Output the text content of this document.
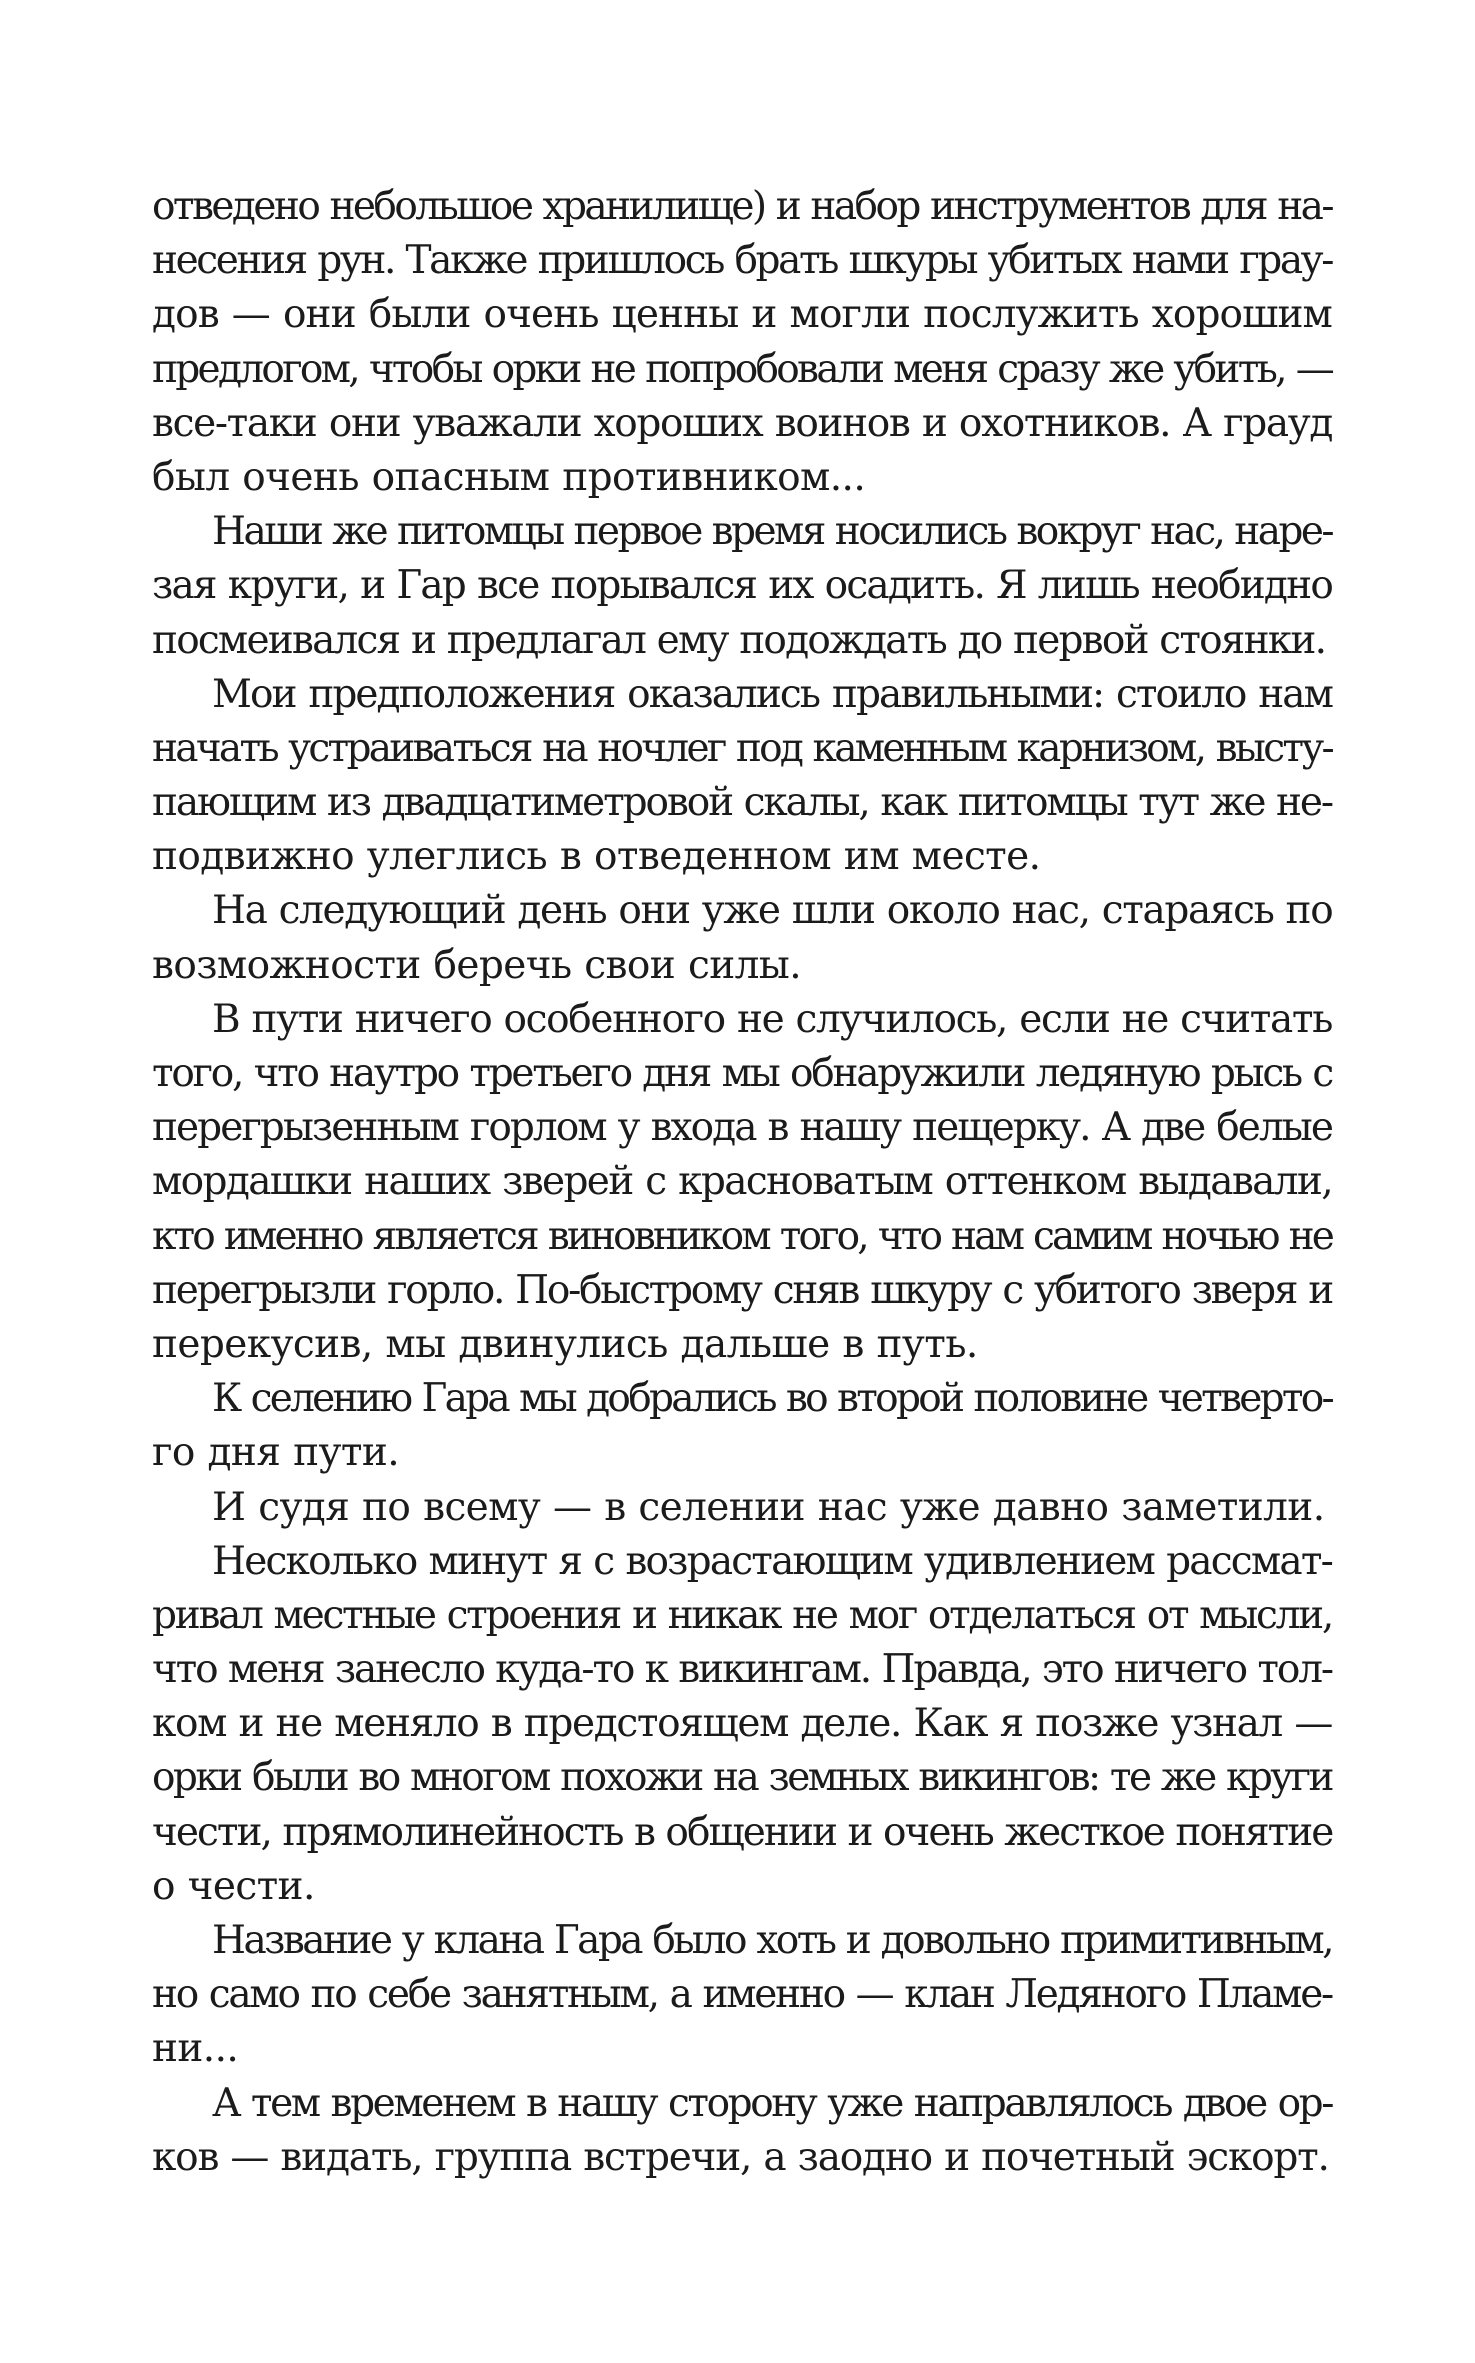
отведено небольшое хранилище) и набор инструментов для на-
несения рун. Также пришлось брать шкуры убитых нами грау-
дов — они были очень ценны и могли послужить хорошим
предлогом, чтобы орки не попробовали меня сразу же убить, —
все-таки они уважали хороших воинов и охотников. А грауд
был очень опасным противником...
Наши же питомцы первое время носились вокруг нас, наре-
зая круги, и Гар все порывался их осадить. Я лишь необидно
посмеивался и предлагал ему подождать до первой стоянки.
Мои предположения оказались правильными: стоило нам
начать устраиваться на ночлег под каменным карнизом, высту-
пающим из двадцатиметровой скалы, как питомцы тут же не-
подвижно улеглись в отведенном им месте.
На следующий день они уже шли около нас, стараясь по
возможности беречь свои силы.
В пути ничего особенного не случилось, если не считать
того, что наутро третьего дня мы обнаружили ледяную рысь с
перегрызенным горлом у входа в нашу пещерку. А две белые
мордашки наших зверей с красноватым оттенком выдавали,
кто именно является виновником того, что нам самим ночью не
перегрызли горло. По-быстрому сняв шкуру с убитого зверя и
перекусив, мы двинулись дальше в путь.
К селению Гара мы добрались во второй половине четверто-
го дня пути.
И судя по всему — в селении нас уже давно заметили.
Несколько минут я с возрастающим удивлением рассмат-
ривал местные строения и никак не мог отделаться от мысли,
что меня занесло куда-то к викингам. Правда, это ничего тол-
ком и не меняло в предстоящем деле. Как я позже узнал —
орки были во многом похожи на земных викингов: те же круги
чести, прямолинейность в общении и очень жесткое понятие
о чести.
Название у клана Гара было хоть и довольно примитивным,
но само по себе занятным, а именно — клан Ледяного Пламе-
ни...
А тем временем в нашу сторону уже направлялось двое ор-
ков — видать, группа встречи, а заодно и почетный эскорт.
